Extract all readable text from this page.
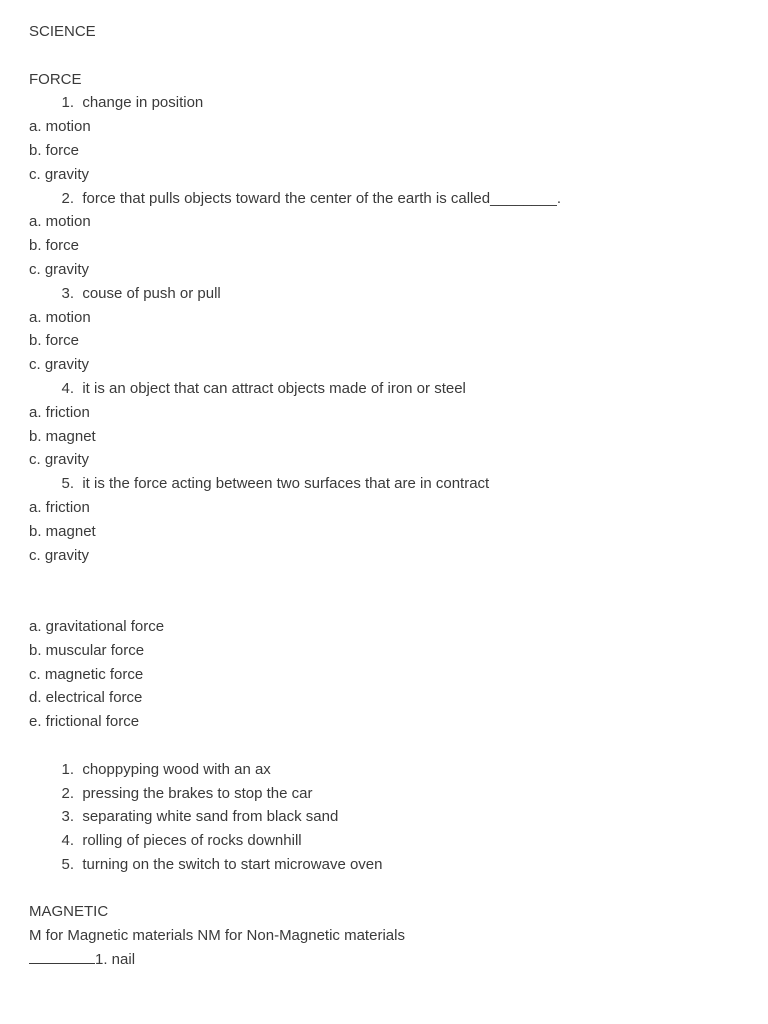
SCIENCE
FORCE
1. change in position
a. motion
b. force
c. gravity
2. force that pulls objects toward the center of the earth is called________.
a. motion
b. force
c. gravity
3. couse of push or pull
a. motion
b. force
c. gravity
4. it is an object that can attract objects made of iron or steel
a. friction
b. magnet
c. gravity
5. it is the force acting between two surfaces that are in contract
a. friction
b. magnet
c. gravity
a. gravitational force
b. muscular force
c. magnetic force
d. electrical force
e. frictional force
1. choppyping wood with an ax
2. pressing the brakes to stop the car
3. separating white sand from black sand
4. rolling of pieces of rocks downhill
5. turning on the switch to start microwave oven
MAGNETIC
M for Magnetic materials NM for Non-Magnetic materials
1. nail
